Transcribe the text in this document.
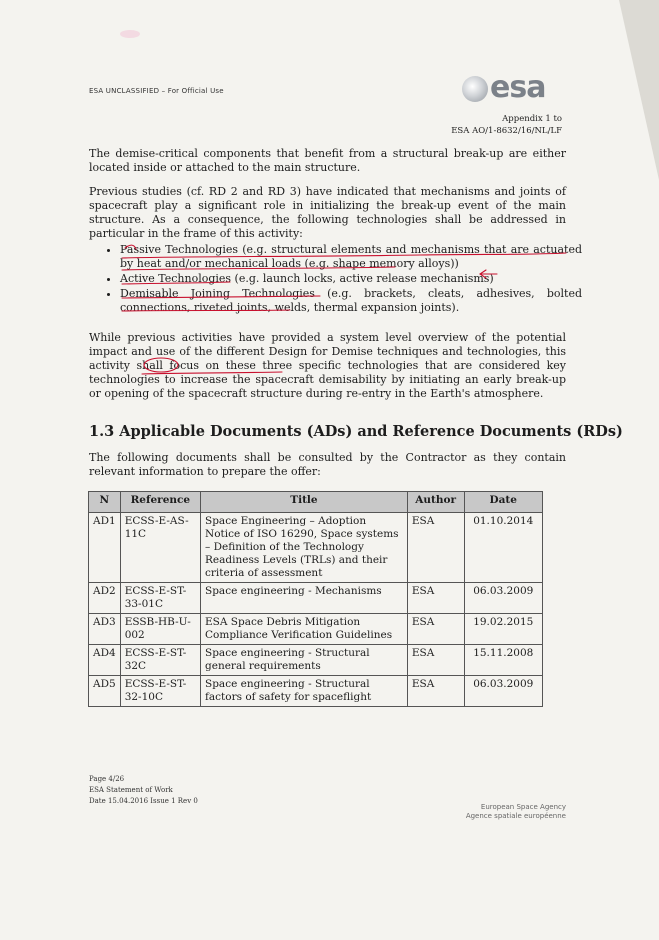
ESA UNCLASSIFIED – For Official Use	esa
Appendix 1 to
ESA AO/1-8632/16/NL/LF

The demise-critical components that benefit from a structural break-up are either located inside or attached to the main structure.

Previous studies (cf. RD 2 and RD 3) have indicated that mechanisms and joints of spacecraft play a significant role in initializing the break-up event of the main structure. As a consequence, the following technologies shall be addressed in particular in the frame of this activity:

• Passive Technologies (e.g. structural elements and mechanisms that are actuated by heat and/or mechanical loads (e.g. shape memory alloys))
• Active Technologies (e.g. launch locks, active release mechanisms)
• Demisable Joining Technologies (e.g. brackets, cleats, adhesives, bolted connections, riveted joints, welds, thermal expansion joints).

While previous activities have provided a system level overview of the potential impact and use of the different Design for Demise techniques and technologies, this activity shall focus on these three specific technologies that are considered key technologies to increase the spacecraft demisability by initiating an early break-up or opening of the spacecraft structure during re-entry in the Earth's atmosphere.

1.3 Applicable Documents (ADs) and Reference Documents (RDs)

The following documents shall be consulted by the Contractor as they contain relevant information to prepare the offer:

N	Reference	Title	Author	Date
AD1	ECSS-E-AS-11C	Space Engineering – Adoption Notice of ISO 16290, Space systems – Definition of the Technology Readiness Levels (TRLs) and their criteria of assessment	ESA	01.10.2014
AD2	ECSS-E-ST-33-01C	Space engineering - Mechanisms	ESA	06.03.2009
AD3	ESSB-HB-U-002	ESA Space Debris Mitigation Compliance Verification Guidelines	ESA	19.02.2015
AD4	ECSS-E-ST-32C	Space engineering - Structural general requirements	ESA	15.11.2008
AD5	ECSS-E-ST-32-10C	Space engineering - Structural factors of safety for spaceflight	ESA	06.03.2009
Page 4/26
ESA Statement of Work
Date 15.04.2016 Issue 1 Rev 0
European Space Agency
Agence spatiale européenne
